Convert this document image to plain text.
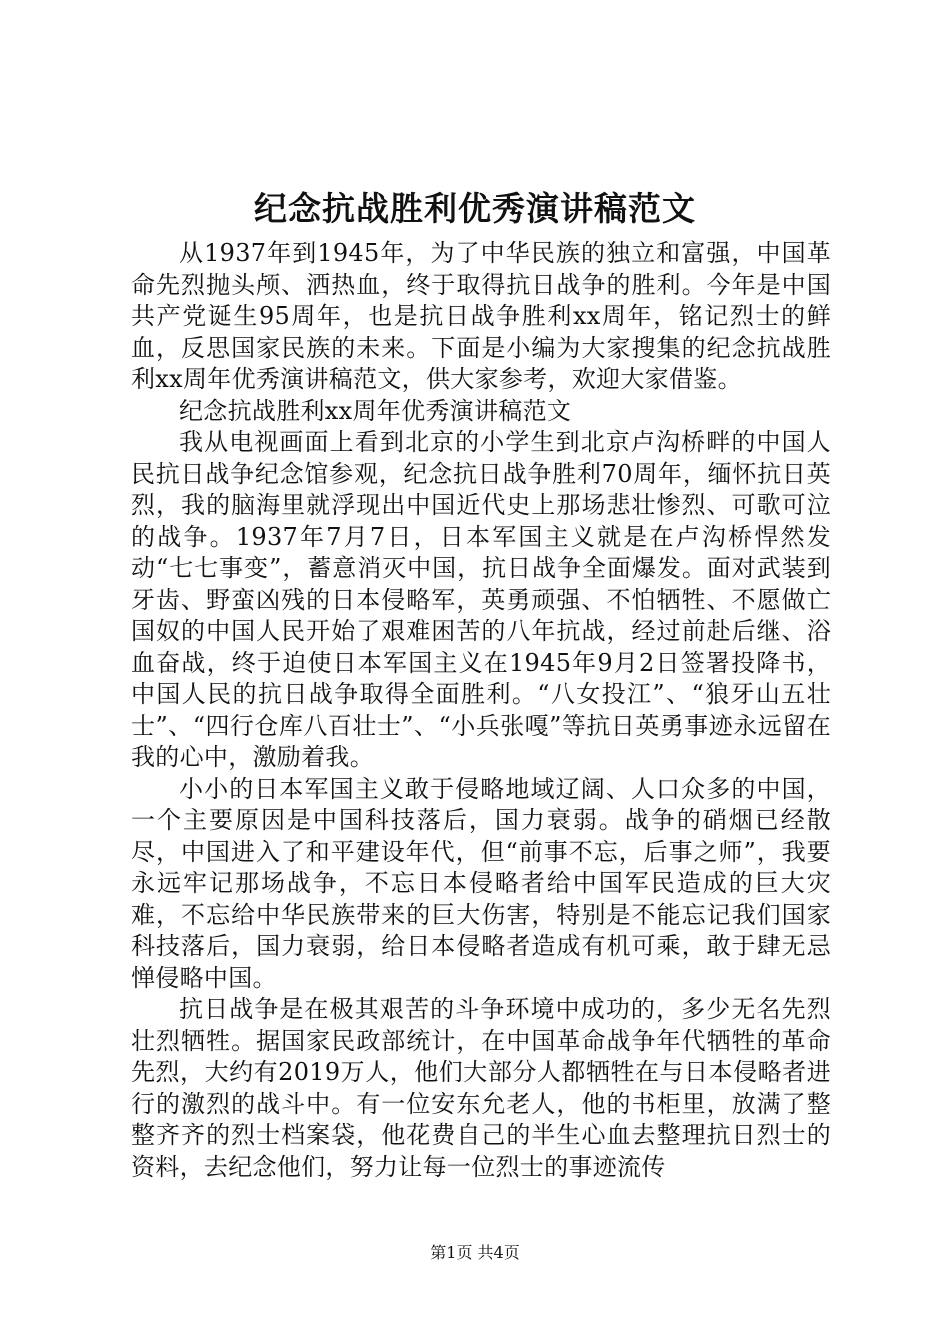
纪念抗战胜利优秀演讲稿范文

从1937年到1945年，为了中华民族的独立和富强，中国革命先烈抛头颅、洒热血，终于取得抗日战争的胜利。今年是中国共产党诞生95周年，也是抗日战争胜利xx周年，铭记烈士的鲜血，反思国家民族的未来。下面是小编为大家搜集的纪念抗战胜利xx周年优秀演讲稿范文，供大家参考，欢迎大家借鉴。

纪念抗战胜利xx周年优秀演讲稿范文

我从电视画面上看到北京的小学生到北京卢沟桥畔的中国人民抗日战争纪念馆参观，纪念抗日战争胜利70周年，缅怀抗日英烈，我的脑海里就浮现出中国近代史上那场悲壮惨烈、可歌可泣的战争。1937年7月7日，日本军国主义就是在卢沟桥悍然发动“七七事变”，蓄意消灭中国，抗日战争全面爆发。面对武装到牙齿、野蛮凶残的日本侵略军，英勇顽强、不怕牺牲、不愿做亡国奴的中国人民开始了艰难困苦的八年抗战，经过前赴后继、浴血奋战，终于迫使日本军国主义在1945年9月2日签署投降书，中国人民的抗日战争取得全面胜利。“八女投江”、“狼牙山五壮士”、“四行仓库八百壮士”、“小兵张嘎”等抗日英勇事迹永远留在我的心中，激励着我。

小小的日本军国主义敢于侵略地域辽阔、人口众多的中国，一个主要原因是中国科技落后，国力衰弱。战争的硝烟已经散尽，中国进入了和平建设年代，但“前事不忘，后事之师”，我要永远牢记那场战争，不忘日本侵略者给中国军民造成的巨大灾难，不忘给中华民族带来的巨大伤害，特别是不能忘记我们国家科技落后，国力衰弱，给日本侵略者造成有机可乘，敢于肆无忌惮侵略中国。

抗日战争是在极其艰苦的斗争环境中成功的，多少无名先烈壮烈牺牲。据国家民政部统计，在中国革命战争年代牺牲的革命先烈，大约有2019万人，他们大部分人都牺牲在与日本侵略者进行的激烈的战斗中。有一位安东允老人，他的书柜里，放满了整整齐齐的烈士档案袋，他花费自己的半生心血去整理抗日烈士的资料，去纪念他们，努力让每一位烈士的事迹流传

第1页 共4页
